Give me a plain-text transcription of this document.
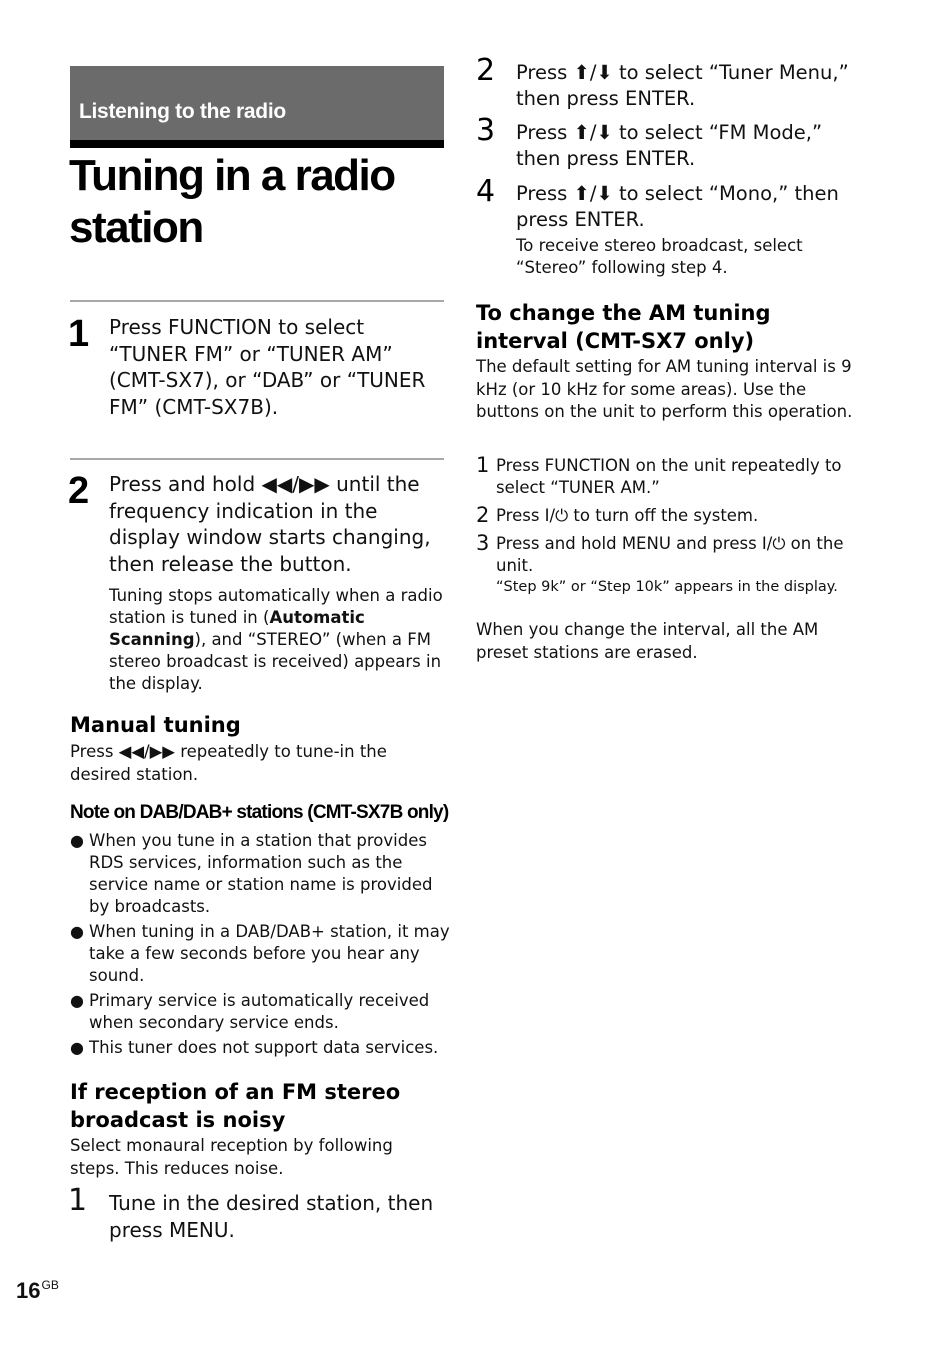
Listening to the radio
Tuning in a radio station
1 Press FUNCTION to select “TUNER FM” or “TUNER AM” (CMT-SX7), or “DAB” or “TUNER FM” (CMT-SX7B).
2 Press and hold ◀◀/▶▶ until the frequency indication in the display window starts changing, then release the button.
Tuning stops automatically when a radio station is tuned in (Automatic Scanning), and “STEREO” (when a FM stereo broadcast is received) appears in the display.
Manual tuning

Press ◀◀/▶▶ repeatedly to tune-in the desired station.

Note on DAB/DAB+ stations (CMT-SX7B only)
● When you tune in a station that provides RDS services, information such as the service name or station name is provided by broadcasts.
● When tuning in a DAB/DAB+ station, it may take a few seconds before you hear any sound.
● Primary service is automatically received when secondary service ends.
● This tuner does not support data services.
If reception of an FM stereo broadcast is noisy

Select monaural reception by following steps. This reduces noise.

1 Tune in the desired station, then press MENU.
2 Press ⬆/⬇ to select “Tuner Menu,” then press ENTER.
3 Press ⬆/⬇ to select “FM Mode,” then press ENTER.
4 Press ⬆/⬇ to select “Mono,” then press ENTER.
To receive stereo broadcast, select “Stereo” following step 4.
To change the AM tuning interval (CMT-SX7 only)

The default setting for AM tuning interval is 9 kHz (or 10 kHz for some areas). Use the buttons on the unit to perform this operation.

1 Press FUNCTION on the unit repeatedly to select “TUNER AM.”
2 Press I/⏻ to turn off the system.
3 Press and hold MENU and press I/⏻ on the unit.
“Step 9k” or “Step 10k” appears in the display.

When you change the interval, all the AM preset stations are erased.

$16^{GB}$
